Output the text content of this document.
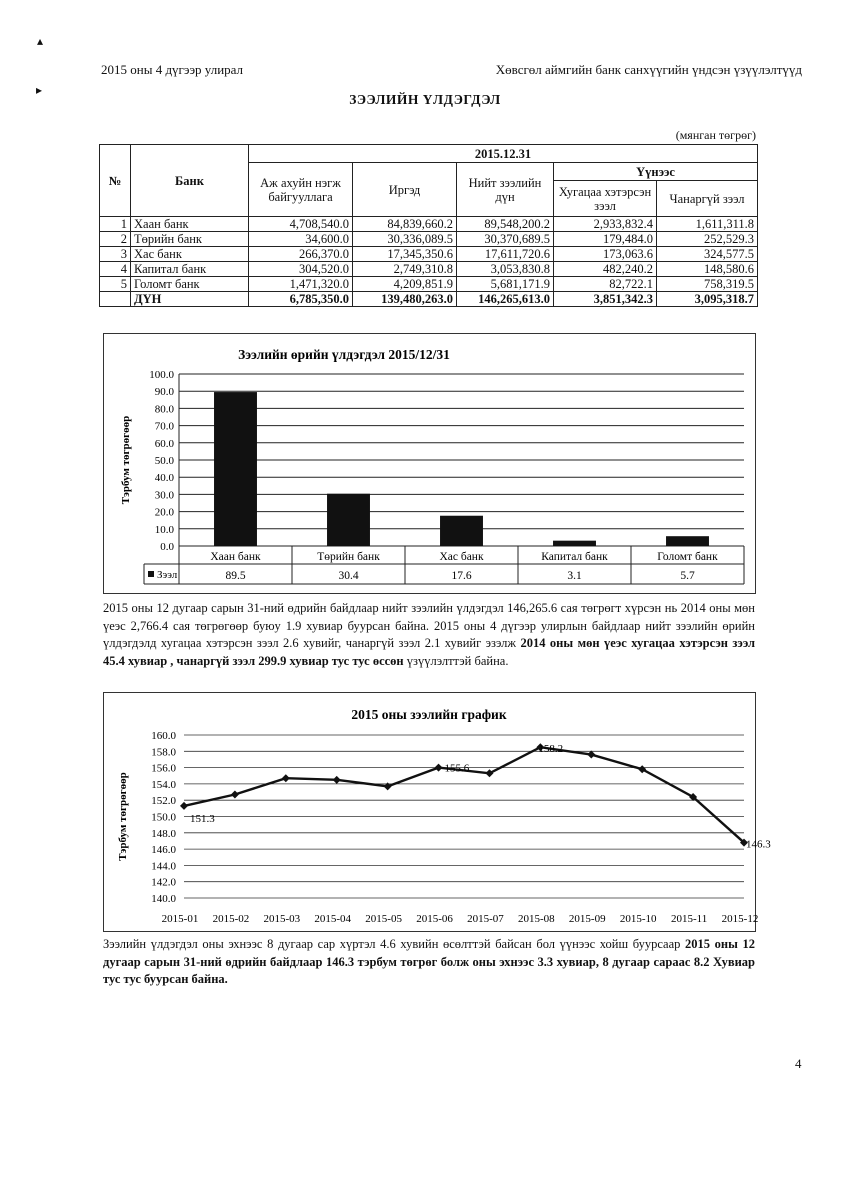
▴
▸
2015 оны 4 дүгээр улирал	Хөвсгөл аймгийн банк санхүүгийн үндсэн үзүүлэлтүүд
ЗЭЭЛИЙН ҮЛДЭГДЭЛ
(мянган төгрөг)
№	Банк	2015.12.31				
		Аж ахуйн нэгж байгууллага	Иргэд	Нийт зээлийн дүн	Үүнээс	
					Хугацаа хэтэрсэн зээл	Чанаргүй зээл
1	Хаан банк	4,708,540.0	84,839,660.2	89,548,200.2	2,933,832.4	1,611,311.8
2	Төрийн банк	34,600.0	30,336,089.5	30,370,689.5	179,484.0	252,529.3
3	Хас банк	266,370.0	17,345,350.6	17,611,720.6	173,063.6	324,577.5
4	Капитал банк	304,520.0	2,749,310.8	3,053,830.8	482,240.2	148,580.6
5	Голомт банк	1,471,320.0	4,209,851.9	5,681,171.9	82,722.1	758,319.5
	ДҮН	6,785,350.0	139,480,263.0	146,265,613.0	3,851,342.3	3,095,318.7
Зээлийн өрийн үлдэгдэл 2015/12/31
Тэрбум төгрөгөөр
0.0
10.0
20.0
30.0
40.0
50.0
60.0
70.0
80.0
90.0
100.0
Хаан банк
89.5
Төрийн банк
30.4
Хас банк
17.6
Капитал банк
3.1
Голомт банк
5.7
Зээл
2015 оны 12 дугаар сарын 31-ний өдрийн байдлаар нийт зээлийн үлдэгдэл 146,265.6 сая төгрөгт хүрсэн нь 2014 оны мөн үеэс 2,766.4 сая төгрөгөөр буюу 1.9 хувиар буурсан байна. 2015 оны 4 дүгээр улирлын байдлаар нийт зээлийн өрийн үлдэгдэлд хугацаа хэтэрсэн зээл 2.6 хувийг, чанаргүй зээл 2.1 хувийг эзэлж 2014 оны мөн үеэс хугацаа хэтэрсэн зээл 45.4 хувиар , чанаргүй зээл 299.9 хувиар тус тус өссөн үзүүлэлттэй байна.
2015 оны зээлийн график
Тэрбум төгрөгөөр
140.0
142.0
144.0
146.0
148.0
150.0
152.0
154.0
156.0
158.0
160.0
151.3
155.6
158.2
146.3
2015-01 2015-02 2015-03 2015-04 2015-05 2015-06 2015-07 2015-08 2015-09 2015-10 2015-11 2015-12
Зээлийн үлдэгдэл оны эхнээс 8 дугаар сар хүртэл 4.6 хувийн өсөлттэй байсан бол үүнээс хойш буурсаар 2015 оны 12 дугаар сарын 31-ний өдрийн байдлаар 146.3 тэрбум төгрөг болж оны эхнээс 3.3 хувиар, 8 дугаар сараас 8.2 Хувиар тус тус буурсан байна.
4
